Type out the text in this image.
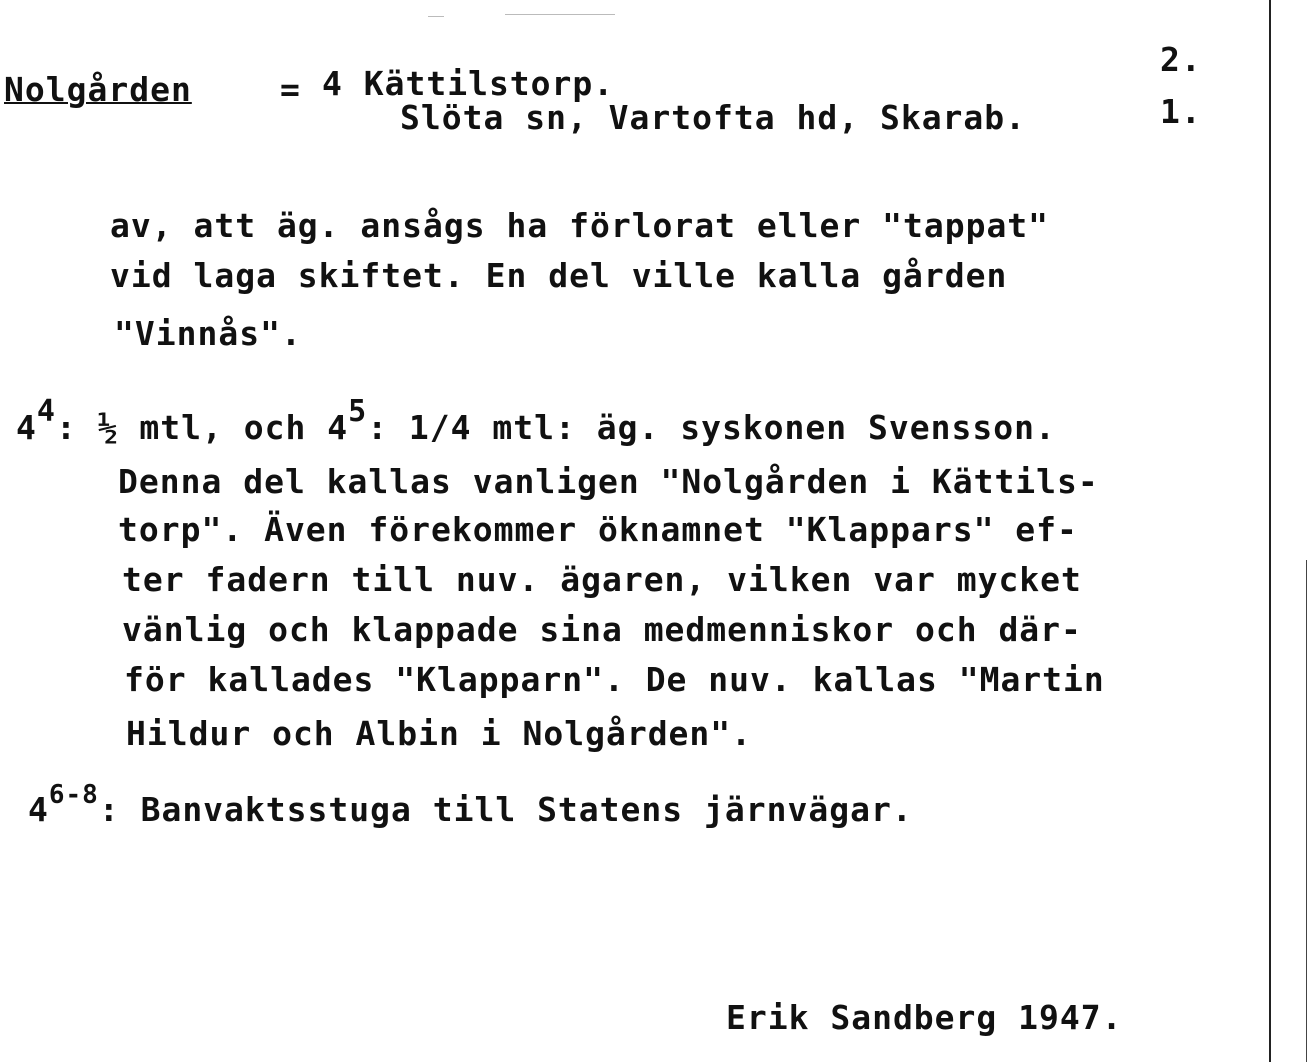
Nolgården	= 4 Kättilstorp.
2.
Slöta sn, Vartofta hd, Skarab.	1.
av, att äg. ansågs ha förlorat eller "tappat"
vid laga skiftet. En del ville kalla gården
"Vinnås".
44: ½ mtl, och 45: 1/4 mtl: äg. syskonen Svensson.
Denna del kallas vanligen "Nolgården i Kättils-
torp". Även förekommer öknamnet "Klappars" ef-
ter fadern till nuv. ägaren, vilken var mycket
vänlig och klappade sina medmenniskor och där-
för kallades "Klapparn". De nuv. kallas "Martin
Hildur och Albin i Nolgården".
4$^{6-8}$: Banvaktsstuga till Statens järnvägar.
Erik Sandberg 1947.
